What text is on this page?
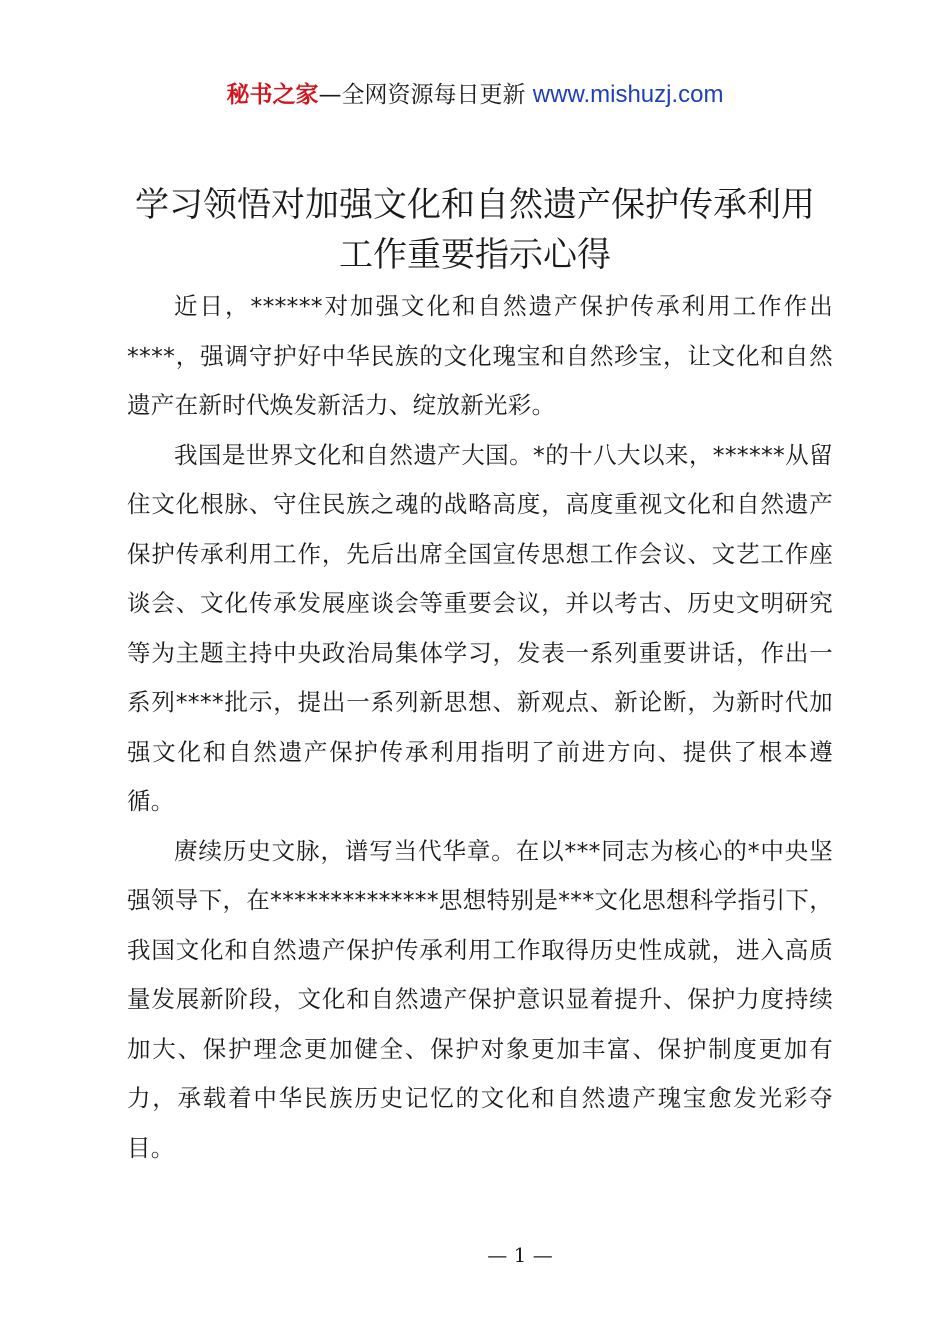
秘书之家—全网资源每日更新 www.mishuzj.com
学习领悟对加强文化和自然遗产保护传承利用
工作重要指示心得

近日，******对加强文化和自然遗产保护传承利用工作作出****，强调守护好中华民族的文化瑰宝和自然珍宝，让文化和自然遗产在新时代焕发新活力、绽放新光彩。

我国是世界文化和自然遗产大国。*的十八大以来，******从留住文化根脉、守住民族之魂的战略高度，高度重视文化和自然遗产保护传承利用工作，先后出席全国宣传思想工作会议、文艺工作座谈会、文化传承发展座谈会等重要会议，并以考古、历史文明研究等为主题主持中央政治局集体学习，发表一系列重要讲话，作出一系列****批示，提出一系列新思想、新观点、新论断，为新时代加强文化和自然遗产保护传承利用指明了前进方向、提供了根本遵循。

赓续历史文脉，谱写当代华章。在以***同志为核心的*中央坚强领导下，在**************思想特别是***文化思想科学指引下，我国文化和自然遗产保护传承利用工作取得历史性成就，进入高质量发展新阶段，文化和自然遗产保护意识显着提升、保护力度持续加大、保护理念更加健全、保护对象更加丰富、保护制度更加有力，承载着中华民族历史记忆的文化和自然遗产瑰宝愈发光彩夺目。

— 1 —
